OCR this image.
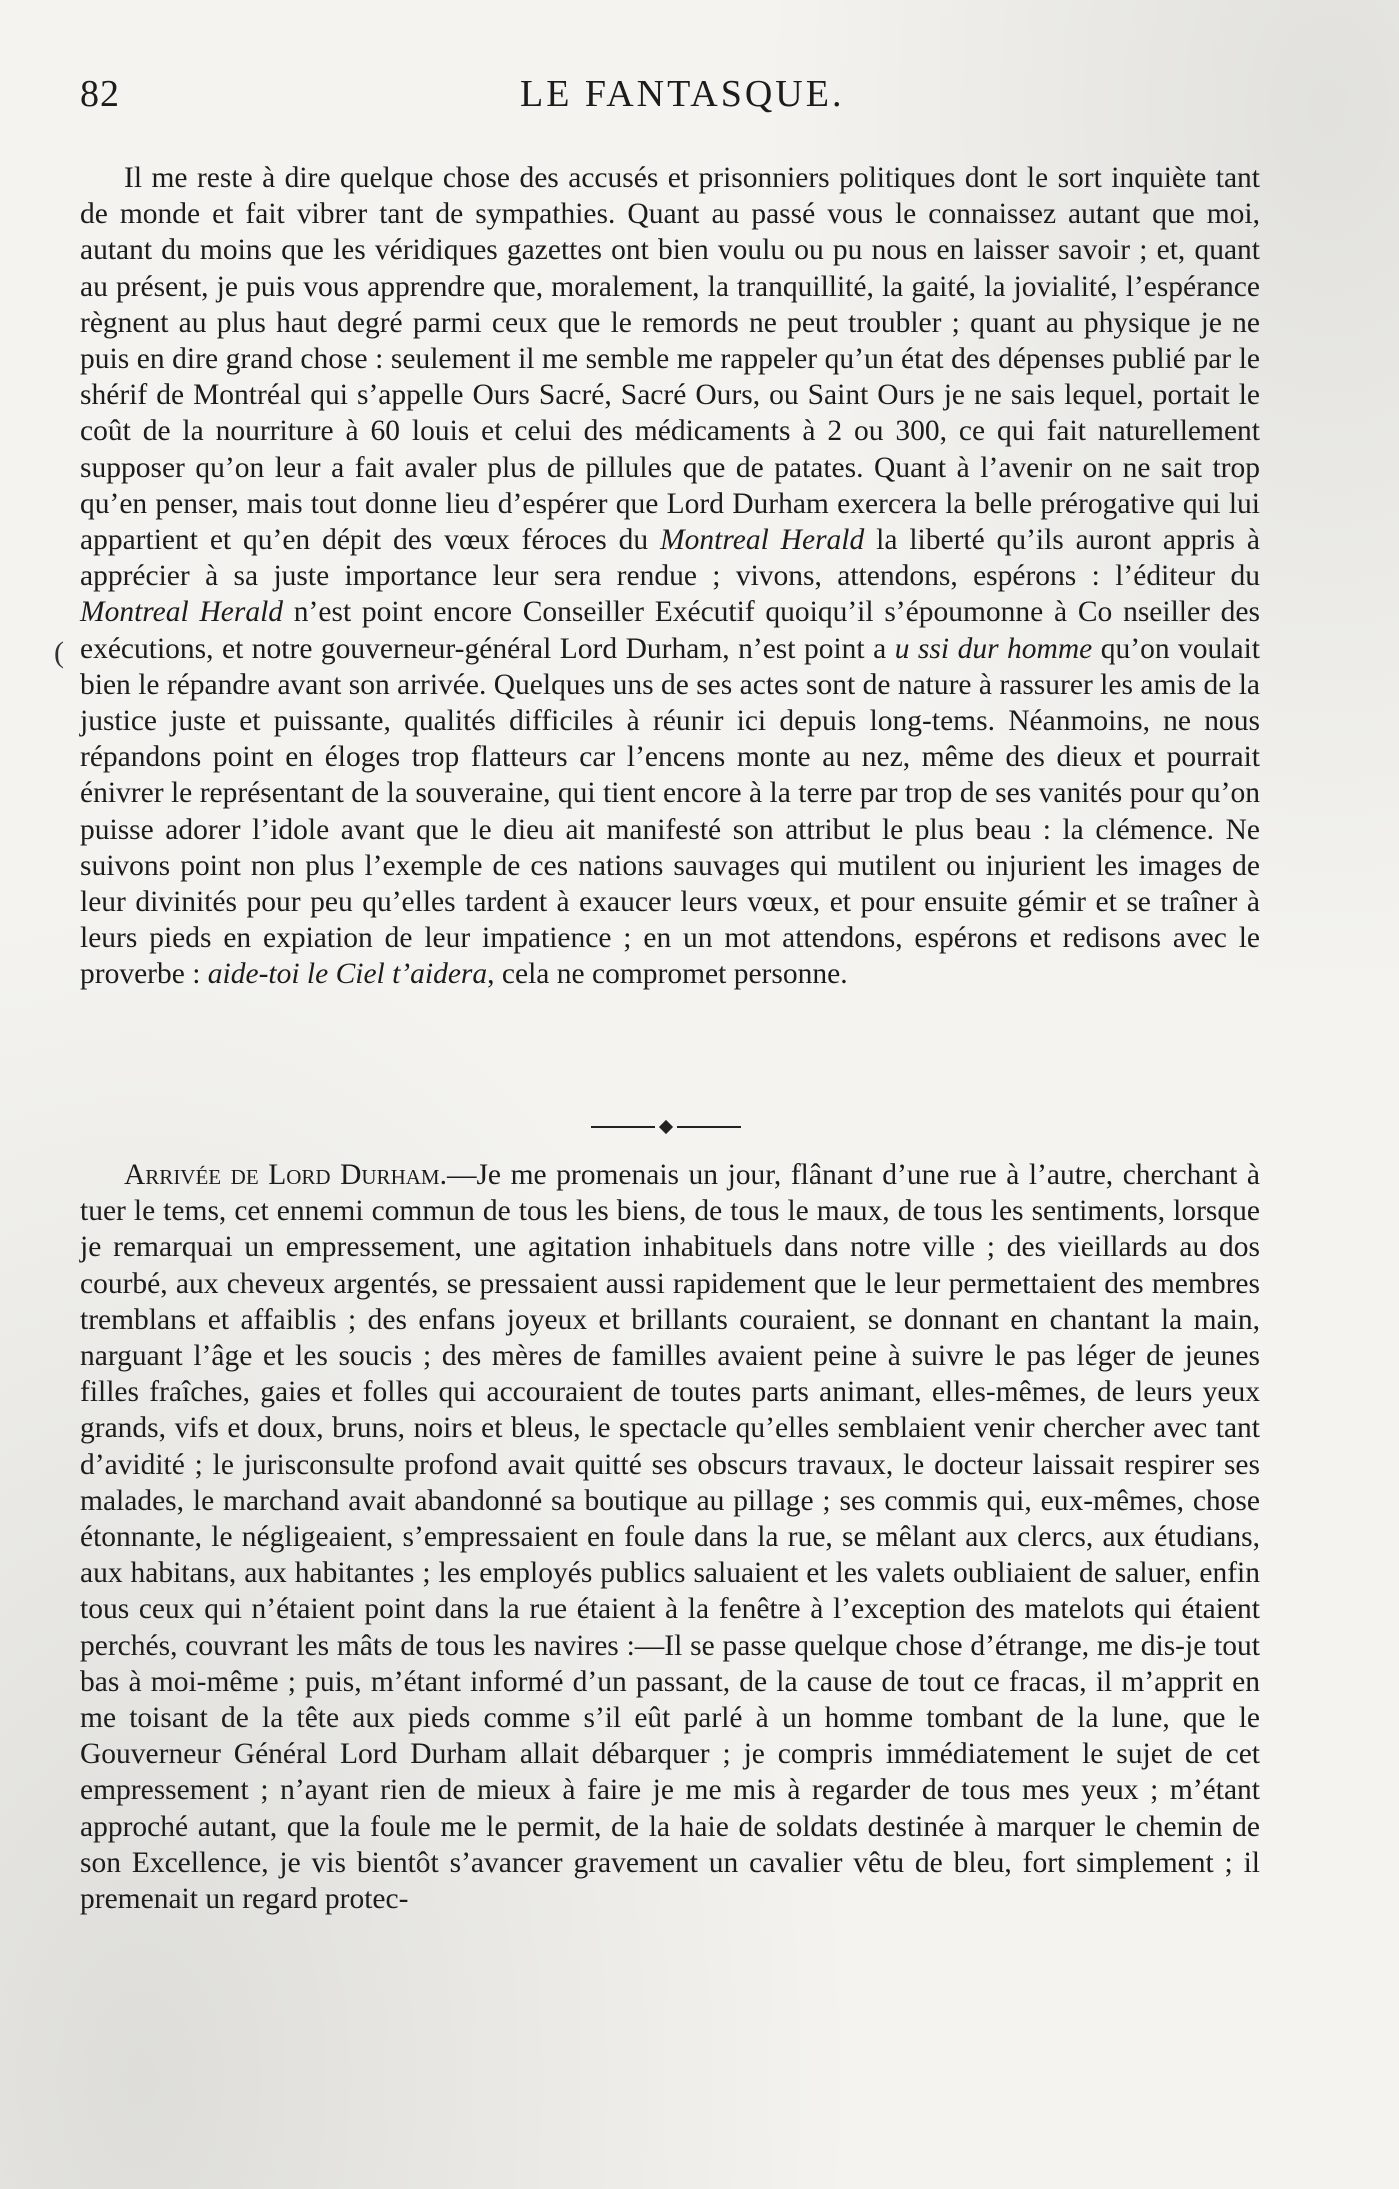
82	LE FANTASQUE.
(

Il me reste à dire quelque chose des accusés et prisonniers politiques dont le sort inquiète tant de monde et fait vibrer tant de sympathies. Quant au passé vous le connaissez autant que moi, autant du moins que les véridiques gazettes ont bien voulu ou pu nous en laisser savoir ; et, quant au présent, je puis vous apprendre que, moralement, la tranquillité, la gaité, la jovialité, l’espérance règnent au plus haut degré parmi ceux que le remords ne peut troubler ; quant au physique je ne puis en dire grand chose : seulement il me semble me rappeler qu’un état des dépenses publié par le shérif de Montréal qui s’appelle Ours Sacré, Sacré Ours, ou Saint Ours je ne sais lequel, portait le coût de la nourriture à 60 louis et celui des médicaments à 2 ou 300, ce qui fait naturellement supposer qu’on leur a fait avaler plus de pillules que de patates. Quant à l’avenir on ne sait trop qu’en penser, mais tout donne lieu d’espérer que Lord Durham exercera la belle prérogative qui lui appartient et qu’en dépit des vœux féroces du Montreal Herald la liberté qu’ils auront appris à apprécier à sa juste importance leur sera rendue ; vivons, attendons, espérons : l’éditeur du Montreal Herald n’est point encore Conseiller Exécutif quoiqu’il s’époumonne à Co nseiller des exécutions, et notre gouverneur-général Lord Durham, n’est point a u ssi dur homme qu’on voulait bien le répandre avant son arrivée. Quelques uns de ses actes sont de nature à rassurer les amis de la justice juste et puissante, qualités difficiles à réunir ici depuis long-tems. Néanmoins, ne nous répandons point en éloges trop flatteurs car l’encens monte au nez, même des dieux et pourrait énivrer le représentant de la souveraine, qui tient encore à la terre par trop de ses vanités pour qu’on puisse adorer l’idole avant que le dieu ait manifesté son attribut le plus beau : la clémence. Ne suivons point non plus l’exemple de ces nations sauvages qui mutilent ou injurient les images de leur divinités pour peu qu’elles tardent à exaucer leurs vœux, et pour ensuite gémir et se traîner à leurs pieds en expiation de leur impatience ; en un mot attendons, espérons et redisons avec le proverbe : aide-toi le Ciel t’aidera, cela ne compromet personne.

Arrivée de Lord Durham.—Je me promenais un jour, flânant d’une rue à l’autre, cherchant à tuer le tems, cet ennemi commun de tous les biens, de tous le maux, de tous les sentiments, lorsque je remarquai un empressement, une agitation inhabituels dans notre ville ; des vieillards au dos courbé, aux cheveux argentés, se pressaient aussi rapidement que le leur permettaient des membres tremblans et affaiblis ; des enfans joyeux et brillants couraient, se donnant en chantant la main, narguant l’âge et les soucis ; des mères de familles avaient peine à suivre le pas léger de jeunes filles fraîches, gaies et folles qui accouraient de toutes parts animant, elles-mêmes, de leurs yeux grands, vifs et doux, bruns, noirs et bleus, le spectacle qu’elles semblaient venir chercher avec tant d’avidité ; le jurisconsulte profond avait quitté ses obscurs travaux, le docteur laissait respirer ses malades, le marchand avait abandonné sa boutique au pillage ; ses commis qui, eux-mêmes, chose étonnante, le négligeaient, s’empressaient en foule dans la rue, se mêlant aux clercs, aux étudians, aux habitans, aux habitantes ; les employés publics saluaient et les valets oubliaient de saluer, enfin tous ceux qui n’étaient point dans la rue étaient à la fenêtre à l’exception des matelots qui étaient perchés, couvrant les mâts de tous les navires :—Il se passe quelque chose d’étrange, me dis-je tout bas à moi-même ; puis, m’étant informé d’un passant, de la cause de tout ce fracas, il m’apprit en me toisant de la tête aux pieds comme s’il eût parlé à un homme tombant de la lune, que le Gouverneur Général Lord Durham allait débarquer ; je compris immédiatement le sujet de cet empressement ; n’ayant rien de mieux à faire je me mis à regarder de tous mes yeux ; m’étant approché autant, que la foule me le permit, de la haie de soldats destinée à marquer le chemin de son Excellence, je vis bientôt s’avancer gravement un cavalier vêtu de bleu, fort simplement ; il premenait un regard protec-
